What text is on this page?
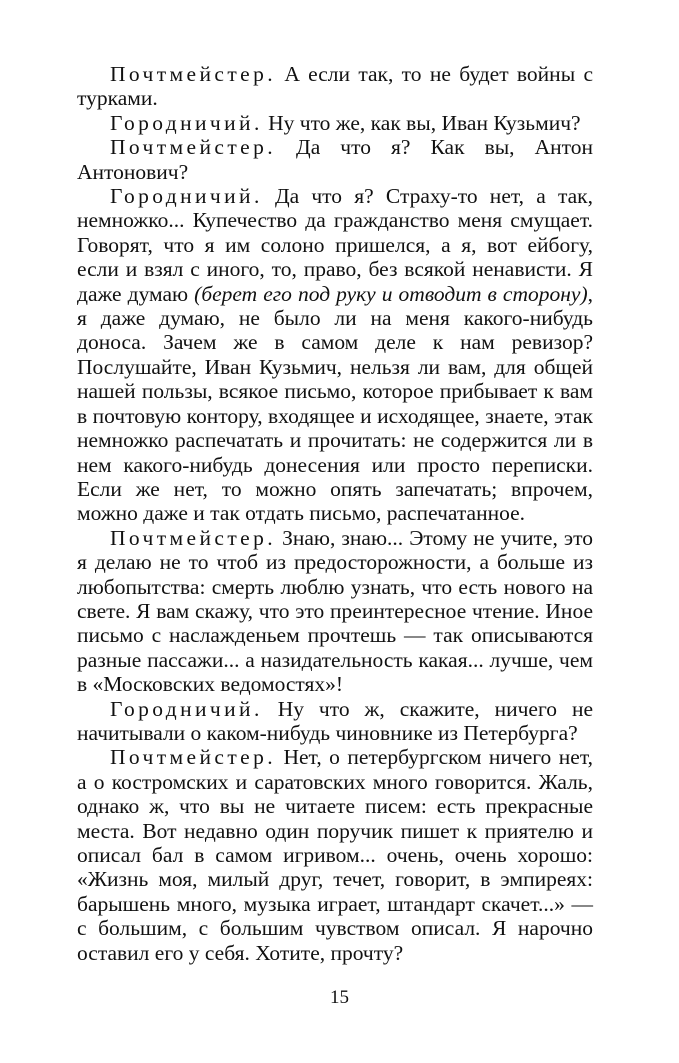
Почтмейстер. А если так, то не будет войны с турками.

Городничий. Ну что же, как вы, Иван Кузьмич?

Почтмейстер. Да что я? Как вы, Антон Антонович?

Городничий. Да что я? Страху-то нет, а так, немножко... Купечество да гражданство меня смущает. Говорят, что я им солоно пришелся, а я, вот ейбогу, если и взял с иного, то, право, без всякой ненависти. Я даже думаю (берет его под руку и отводит в сторону), я даже думаю, не было ли на меня какого-нибудь доноса. Зачем же в самом деле к нам ревизор? Послушайте, Иван Кузьмич, нельзя ли вам, для общей нашей пользы, всякое письмо, которое прибывает к вам в почтовую контору, входящее и исходящее, знаете, этак немножко распечатать и прочитать: не содержится ли в нем какого-нибудь донесения или просто переписки. Если же нет, то можно опять запечатать; впрочем, можно даже и так отдать письмо, распечатанное.

Почтмейстер. Знаю, знаю... Этому не учите, это я делаю не то чтоб из предосторожности, а больше из любопытства: смерть люблю узнать, что есть нового на свете. Я вам скажу, что это преинтересное чтение. Иное письмо с наслажденьем прочтешь — так описываются разные пассажи... а назидательность какая... лучше, чем в «Московских ведомостях»!

Городничий. Ну что ж, скажите, ничего не начитывали о каком-нибудь чиновнике из Петербурга?

Почтмейстер. Нет, о петербургском ничего нет, а о костромских и саратовских много говорится. Жаль, однако ж, что вы не читаете писем: есть прекрасные места. Вот недавно один поручик пишет к приятелю и описал бал в самом игривом... очень, очень хорошо: «Жизнь моя, милый друг, течет, говорит, в эмпиреях: барышень много, музыка играет, штандарт скачет...» — с большим, с большим чувством описал. Я нарочно оставил его у себя. Хотите, прочту?

15
